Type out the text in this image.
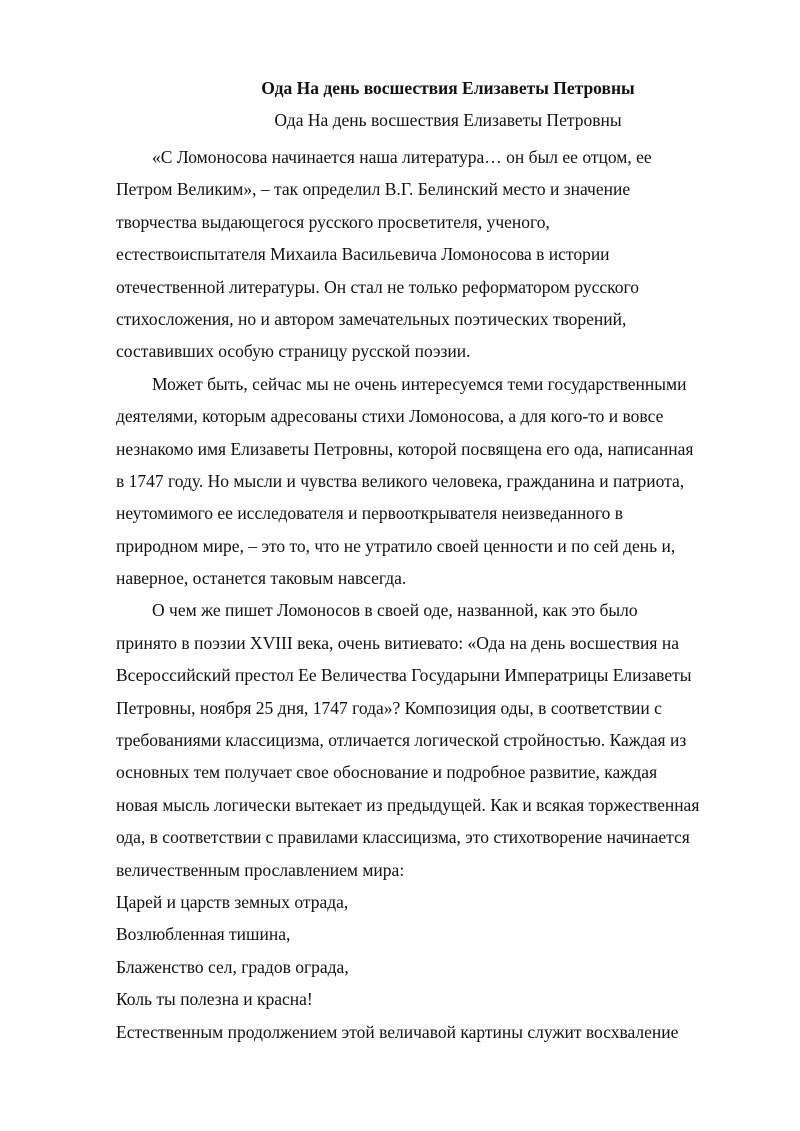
Ода На день восшествия Елизаветы Петровны

Ода На день восшествия Елизаветы Петровны

«С Ломоносова начинается наша литература… он был ее отцом, ее
Петром Великим», – так определил В.Г. Белинский место и значение
творчества выдающегося русского просветителя, ученого,
естествоиспытателя Михаила Васильевича Ломоносова в истории
отечественной литературы. Он стал не только реформатором русского
стихосложения, но и автором замечательных поэтических творений,
составивших особую страницу русской поэзии.
Может быть, сейчас мы не очень интересуемся теми государственными
деятелями, которым адресованы стихи Ломоносова, а для кого-то и вовсе
незнакомо имя Елизаветы Петровны, которой посвящена его ода, написанная
в 1747 году. Но мысли и чувства великого человека, гражданина и патриота,
неутомимого ее исследователя и первооткрывателя неизведанного в
природном мире, – это то, что не утратило своей ценности и по сей день и,
наверное, останется таковым навсегда.
О чем же пишет Ломоносов в своей оде, названной, как это было
принято в поэзии XVIII века, очень витиевато: «Ода на день восшествия на
Всероссийский престол Ее Величества Государыни Императрицы Елизаветы
Петровны, ноября 25 дня, 1747 года»? Композиция оды, в соответствии с
требованиями классицизма, отличается логической стройностью. Каждая из
основных тем получает свое обоснование и подробное развитие, каждая
новая мысль логически вытекает из предыдущей. Как и всякая торжественная
ода, в соответствии с правилами классицизма, это стихотворение начинается
величественным прославлением мира:
Царей и царств земных отрада,
Возлюбленная тишина,
Блаженство сел, градов ограда,
Коль ты полезна и красна!
Естественным продолжением этой величавой картины служит восхваление
